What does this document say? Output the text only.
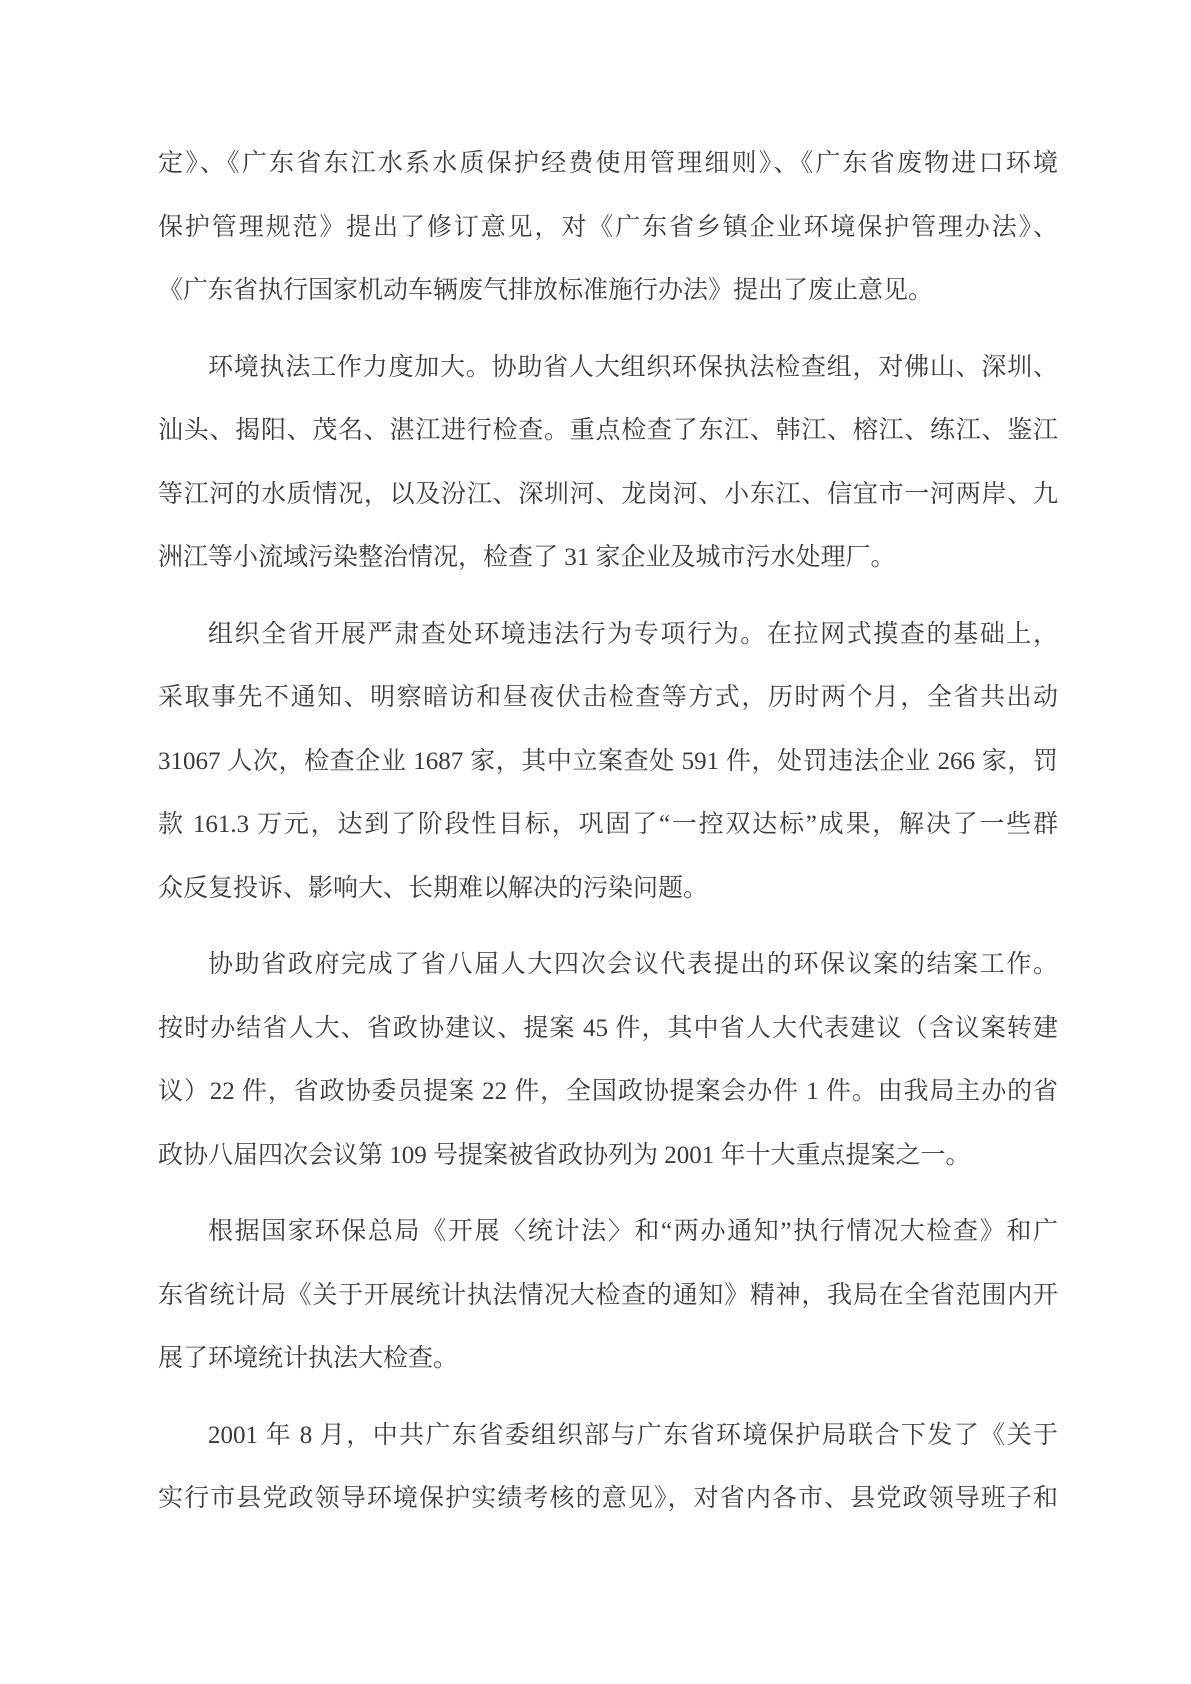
定》、《广东省东江水系水质保护经费使用管理细则》、《广东省废物进口环境
保护管理规范》提出了修订意见，对《广东省乡镇企业环境保护管理办法》、
《广东省执行国家机动车辆废气排放标准施行办法》提出了废止意见。

环境执法工作力度加大。协助省人大组织环保执法检查组，对佛山、深圳、
汕头、揭阳、茂名、湛江进行检查。重点检查了东江、韩江、榕江、练江、鉴江
等江河的水质情况，以及汾江、深圳河、龙岗河、小东江、信宜市一河两岸、九
洲江等小流域污染整治情况，检查了 31 家企业及城市污水处理厂。

组织全省开展严肃查处环境违法行为专项行为。在拉网式摸查的基础上，
采取事先不通知、明察暗访和昼夜伏击检查等方式，历时两个月，全省共出动
31067 人次，检查企业 1687 家，其中立案查处 591 件，处罚违法企业 266 家，罚
款 161.3 万元，达到了阶段性目标，巩固了“一控双达标”成果，解决了一些群
众反复投诉、影响大、长期难以解决的污染问题。

协助省政府完成了省八届人大四次会议代表提出的环保议案的结案工作。
按时办结省人大、省政协建议、提案 45 件，其中省人大代表建议（含议案转建
议）22 件，省政协委员提案 22 件，全国政协提案会办件 1 件。由我局主办的省
政协八届四次会议第 109 号提案被省政协列为 2001 年十大重点提案之一。

根据国家环保总局《开展〈统计法〉和“两办通知”执行情况大检查》和广
东省统计局《关于开展统计执法情况大检查的通知》精神，我局在全省范围内开
展了环境统计执法大检查。

2001 年 8 月，中共广东省委组织部与广东省环境保护局联合下发了《关于
实行市县党政领导环境保护实绩考核的意见》，对省内各市、县党政领导班子和
